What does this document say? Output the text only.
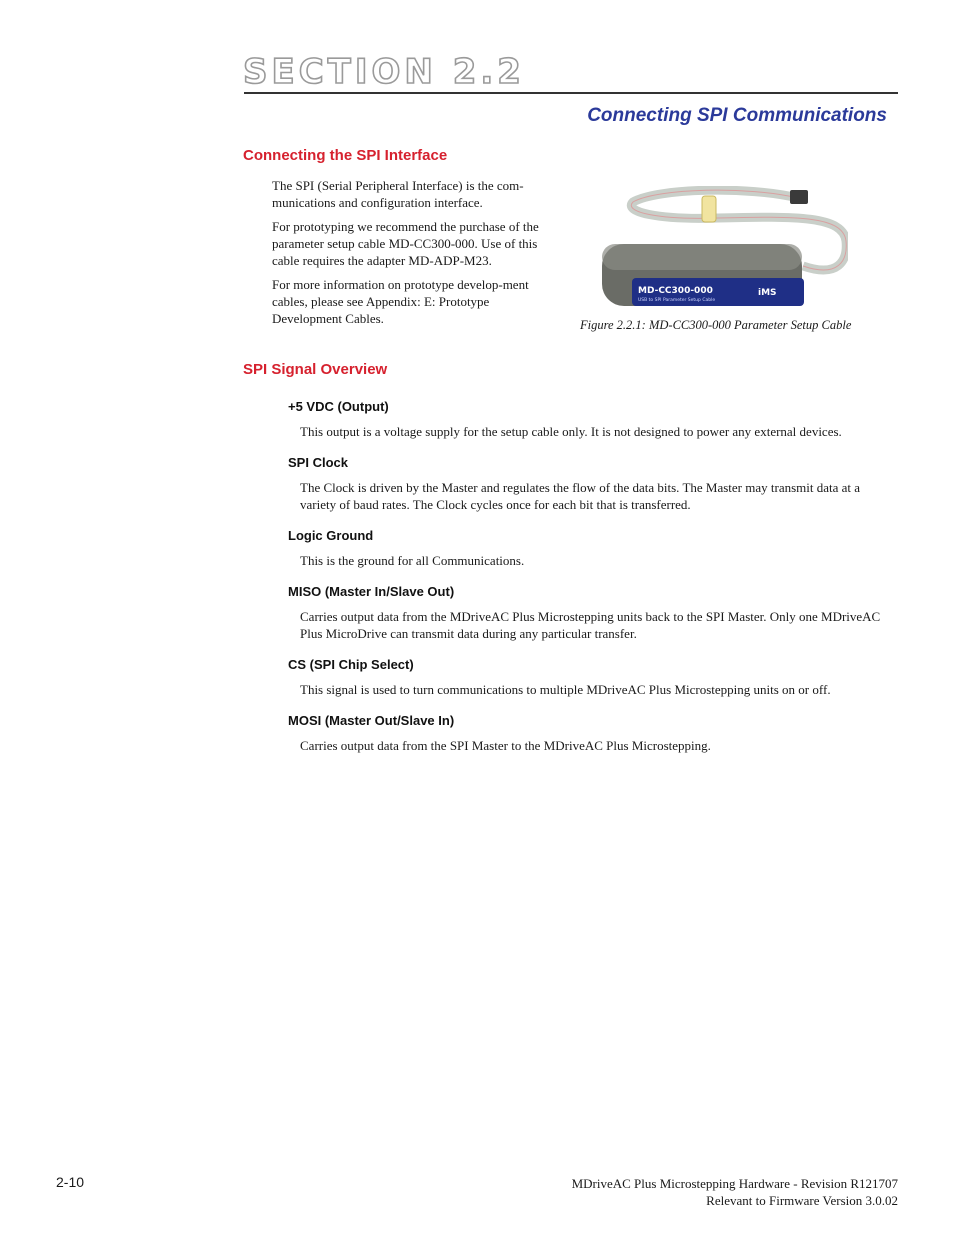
SECTION 2.2
Connecting SPI Communications
Connecting the SPI Interface

The SPI (Serial Peripheral Interface) is the com-munications and configuration interface.

For prototyping we recommend the purchase of the parameter setup cable MD-CC300-000. Use of this cable requires the adapter MD-ADP-M23.

For more information on prototype develop-ment cables, please see Appendix: E: Prototype Development Cables.

MD-CC300-000
USB to SPI Parameter Setup Cable
iMS
Figure 2.2.1: MD-CC300-000 Parameter Setup Cable
SPI Signal Overview
+5 VDC (Output)

This output is a voltage supply for the setup cable only. It is not designed to power any external devices.

SPI Clock

The Clock is driven by the Master and regulates the flow of the data bits. The Master may transmit data at a variety of baud rates. The Clock cycles once for each bit that is transferred.

Logic Ground

This is the ground for all Communications.

MISO (Master In/Slave Out)

Carries output data from the MDriveAC Plus Microstepping units back to the SPI Master. Only one MDriveAC Plus MicroDrive can transmit data during any particular transfer.

CS (SPI Chip Select)

This signal is used to turn communications to multiple MDriveAC Plus Microstepping units on or off.

MOSI (Master Out/Slave In)

Carries output data from the SPI Master to the MDriveAC Plus Microstepping.

2-10	MDriveAC Plus Microstepping Hardware - Revision R121707
Relevant to Firmware Version 3.0.02
